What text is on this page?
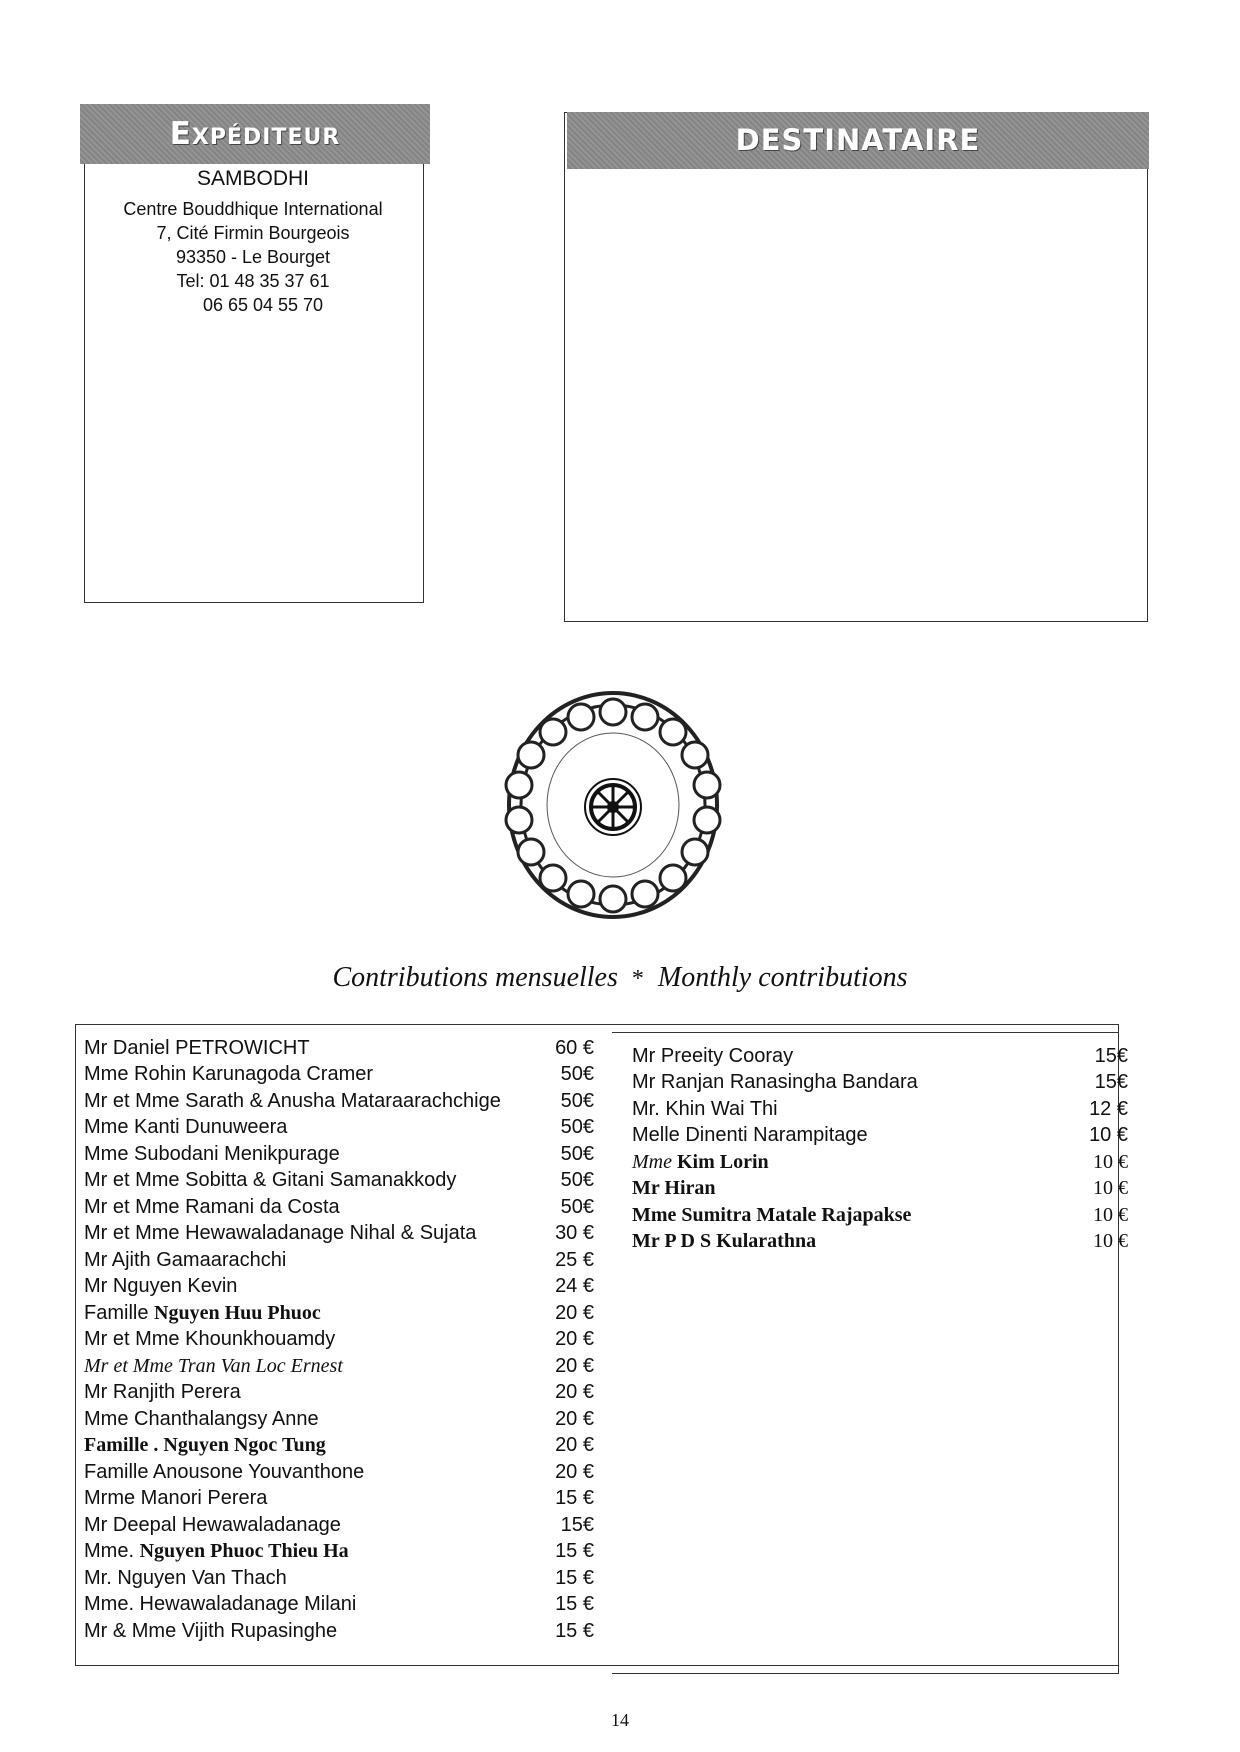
Expéditeur
SAMBODHI
Centre Bouddhique International
7, Cité Firmin Bourgeois
93350 - Le Bourget
Tel: 01 48 35 37 61
06 65 04 55 70
DESTINATAIRE
Contributions mensuelles * Monthly contributions
Mr Daniel PETROWICHT	60 €
Mme Rohin Karunagoda Cramer	50€
Mr et Mme Sarath & Anusha Mataraarachchige	50€
Mme Kanti Dunuweera	50€
Mme Subodani Menikpurage	50€
Mr et Mme Sobitta & Gitani Samanakkody	50€
Mr et Mme Ramani da Costa	50€
Mr et Mme Hewawaladanage Nihal & Sujata	30 €
Mr Ajith Gamaarachchi	25 €
Mr Nguyen Kevin	24 €
Famille Nguyen Huu Phuoc	20 €
Mr et Mme Khounkhouamdy	20 €
Mr et Mme Tran Van Loc Ernest	20 €
Mr Ranjith Perera	20 €
Mme Chanthalangsy Anne	20 €
Famille . Nguyen Ngoc Tung	20 €
Famille Anousone Youvanthone	20 €
Mrme Manori Perera	15 €
Mr Deepal Hewawaladanage	15€
Mme. Nguyen Phuoc Thieu Ha	15 €
Mr. Nguyen Van Thach	15 €
Mme. Hewawaladanage Milani	15 €
Mr & Mme Vijith Rupasinghe	15 €
Mr Preeity Cooray	15€
Mr Ranjan Ranasingha Bandara	15€
Mr. Khin Wai Thi	12 €
Melle Dinenti Narampitage	10 €
Mme Kim Lorin	10 €
Mr Hiran	10 €
Mme Sumitra Matale Rajapakse	10 €
Mr P D S Kularathna	10 €
14
